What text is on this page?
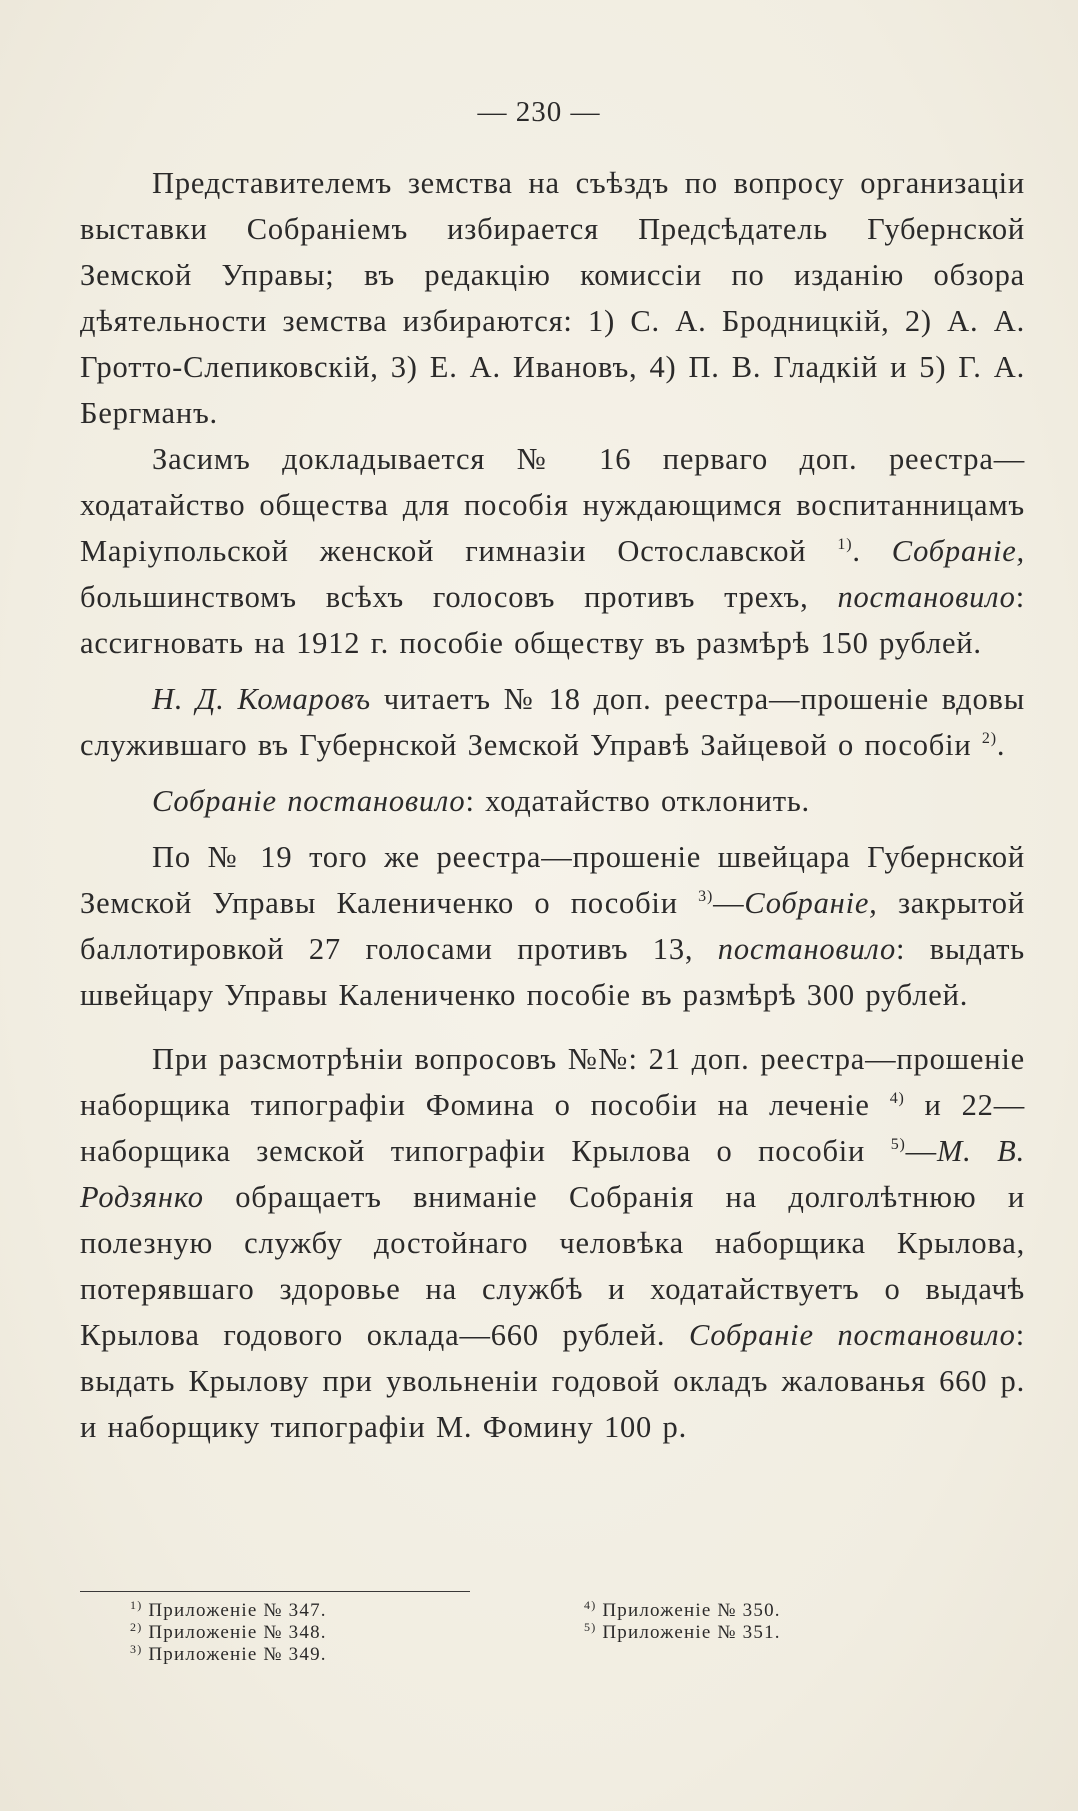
— 230 —

Представителемъ земства на съѣздъ по вопросу организаціи выставки Собраніемъ избирается Предсѣдатель Губернской Земской Управы; въ редакцію комиссіи по изданію обзора дѣятельности земства избираются: 1) С. А. Бродницкій, 2) А. А. Гротто-Слепиковскій, 3) Е. А. Ивановъ, 4) П. В. Гладкій и 5) Г. А. Бергманъ.

Засимъ докладывается № 16 перваго доп. реестра—ходатайство общества для пособія нуждающимся воспитанницамъ Маріупольской женской гимназіи Остославской $^{1)}$. Собраніе, большинствомъ всѣхъ голосовъ противъ трехъ, постановило: ассигновать на 1912 г. пособіе обществу въ размѣрѣ 150 рублей.

Н. Д. Комаровъ читаетъ № 18 доп. реестра—прошеніе вдовы служившаго въ Губернской Земской Управѣ Зайцевой о пособіи $^{2)}$.

Собраніе постановило: ходатайство отклонить.

По № 19 того же реестра—прошеніе швейцара Губернской Земской Управы Калениченко о пособіи $^{3)}$—Собраніе, закрытой баллотировкой 27 голосами противъ 13, постановило: выдать швейцару Управы Калениченко пособіе въ размѣрѣ 300 рублей.

При разсмотрѣніи вопросовъ №№: 21 доп. реестра—прошеніе наборщика типографіи Фомина о пособіи на леченіе $^{4)}$ и 22—наборщика земской типографіи Крылова о пособіи $^{5)}$—М. В. Родзянко обращаетъ вниманіе Собранія на долголѣтнюю и полезную службу достойнаго человѣка наборщика Крылова, потерявшаго здоровье на службѣ и ходатайствуетъ о выдачѣ Крылова годового оклада—660 рублей. Собраніе постановило: выдать Крылову при увольненіи годовой окладъ жалованья 660 р. и наборщику типографіи М. Фомину 100 р.

$^{1)}$ Приложеніе № 347.
$^{2)}$ Приложеніе № 348.
$^{3)}$ Приложеніе № 349.
$^{4)}$ Приложеніе № 350.
$^{5)}$ Приложеніе № 351.
